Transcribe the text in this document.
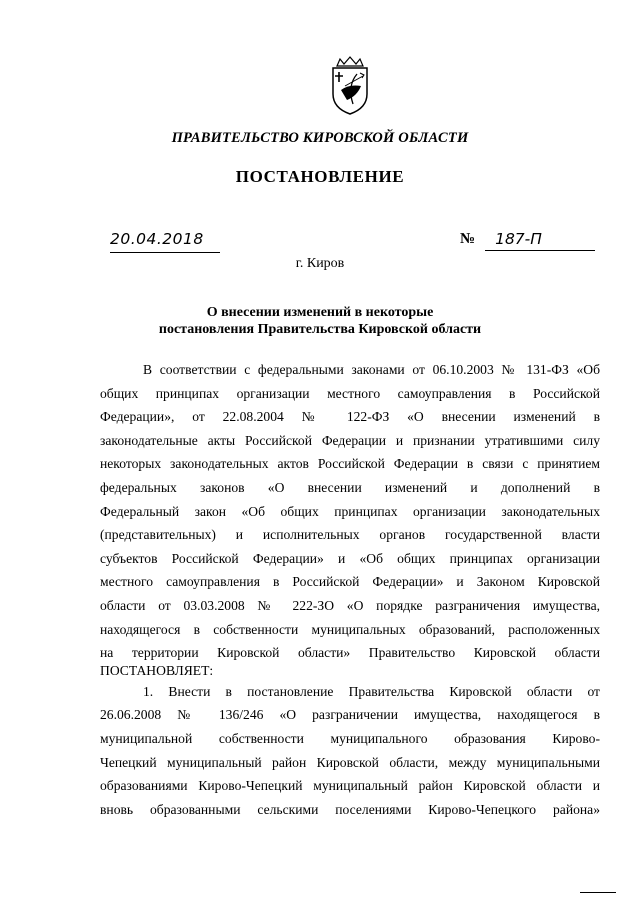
ПРАВИТЕЛЬСТВО КИРОВСКОЙ ОБЛАСТИ
ПОСТАНОВЛЕНИЕ
20.04.2018	№ 187-П
г. Киров
О внесении изменений в некоторые
постановления Правительства Кировской области
В соответствии с федеральными законами от 06.10.2003 № 131-ФЗ «Об
общих принципах организации местного самоуправления в Российской
Федерации», от 22.08.2004 № 122-ФЗ «О внесении изменений в
законодательные акты Российской Федерации и признании утратившими силу
некоторых законодательных актов Российской Федерации в связи с принятием
федеральных законов «О внесении изменений и дополнений в
Федеральный закон «Об общих принципах организации законодательных
(представительных) и исполнительных органов государственной власти
субъектов Российской Федерации» и «Об общих принципах организации
местного самоуправления в Российской Федерации» и Законом Кировской
области от 03.03.2008 № 222-ЗО «О порядке разграничения имущества,
находящегося в собственности муниципальных образований, расположенных
на территории Кировской области» Правительство Кировской области
ПОСТАНОВЛЯЕТ:
1. Внести в постановление Правительства Кировской области от
26.06.2008 № 136/246 «О разграничении имущества, находящегося в
муниципальной собственности муниципального образования Кирово-
Чепецкий муниципальный район Кировской области, между муниципальными
образованиями Кирово-Чепецкий муниципальный район Кировской области и
вновь образованными сельскими поселениями Кирово-Чепецкого района»
